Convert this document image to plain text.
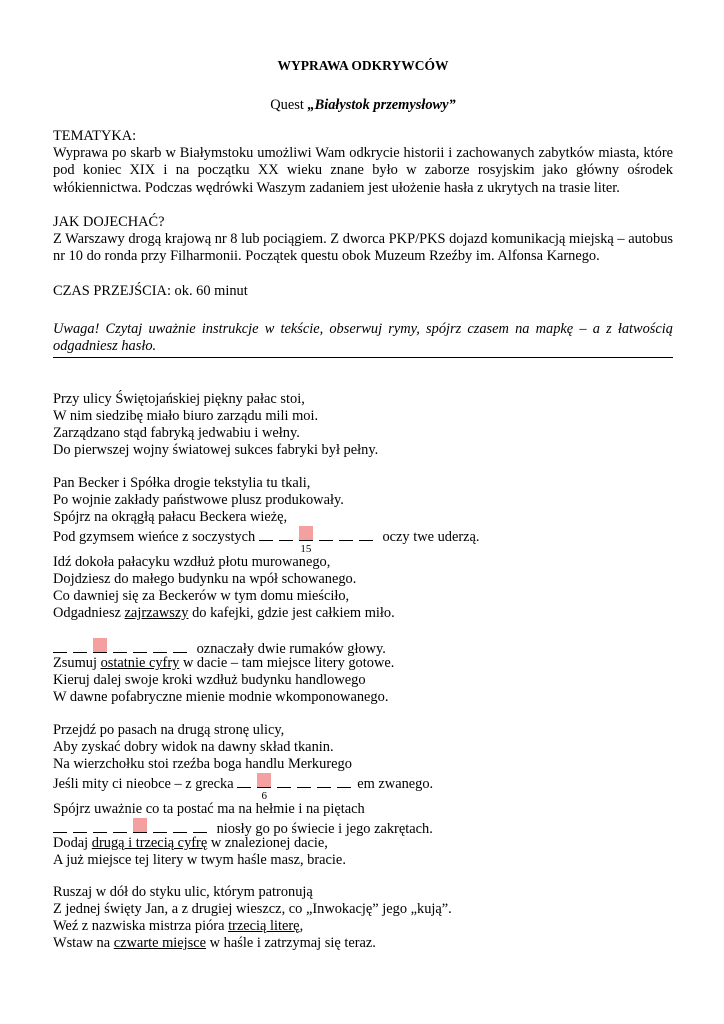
WYPRAWA ODKRYWCÓW
Quest „Białystok przemysłowy”
TEMATYKA:
Wyprawa po skarb w Białymstoku umożliwi Wam odkrycie historii i zachowanych zabytków miasta, które pod koniec XIX i na początku XX wieku znane było w zaborze rosyjskim jako główny ośrodek włókiennictwa. Podczas wędrówki Waszym zadaniem jest ułożenie hasła z ukrytych na trasie liter.
JAK DOJECHAĆ?
Z Warszawy drogą krajową nr 8 lub pociągiem. Z dworca PKP/PKS dojazd komunikacją miejską – autobus nr 10 do ronda przy Filharmonii. Początek questu obok Muzeum Rzeźby im. Alfonsa Karnego.
CZAS PRZEJŚCIA: ok. 60 minut
Uwaga! Czytaj uważnie instrukcje w tekście, obserwuj rymy, spójrz czasem na mapkę – a z łatwością odgadniesz hasło.
Przy ulicy Świętojańskiej piękny pałac stoi,
W nim siedzibę miało biuro zarządu mili moi.
Zarządzano stąd fabryką jedwabiu i wełny.
Do pierwszej wojny światowej sukces fabryki był pełny.
Pan Becker i Spółka drogie tekstylia tu tkali,
Po wojnie zakłady państwowe plusz produkowały.
Spójrz na okrągłą pałacu Beckera wieżę,
Pod gzymsem wieńce z soczystych
15
oczy twe uderzą.
Idź dokoła pałacyku wzdłuż płotu murowanego,
Dojdziesz do małego budynku na wpół schowanego.
Co dawniej się za Beckerów w tym domu mieściło,
Odgadniesz zajrzawszy do kafejki, gdzie jest całkiem miło.
oznaczały dwie rumaków głowy.
Zsumuj ostatnie cyfry w dacie – tam miejsce litery gotowe.
Kieruj dalej swoje kroki wzdłuż budynku handlowego
W dawne pofabryczne mienie modnie wkomponowanego.
Przejdź po pasach na drugą stronę ulicy,
Aby zyskać dobry widok na dawny skład tkanin.
Na wierzchołku stoi rzeźba boga handlu Merkurego
Jeśli mity ci nieobce – z greckа
6
em zwanego.
Spójrz uważnie co ta postać ma na hełmie i na piętach
niosły go po świecie i jego zakrętach.
Dodaj drugą i trzecią cyfrę w znalezionej dacie,
A już miejsce tej litery w twym haśle masz, bracie.
Ruszaj w dół do styku ulic, którym patronują
Z jednej święty Jan, a z drugiej wieszcz, co „Inwokację” jego „kują”.
Weź z nazwiska mistrza pióra trzecią literę,
Wstaw na czwarte miejsce w haśle i zatrzymaj się teraz.
